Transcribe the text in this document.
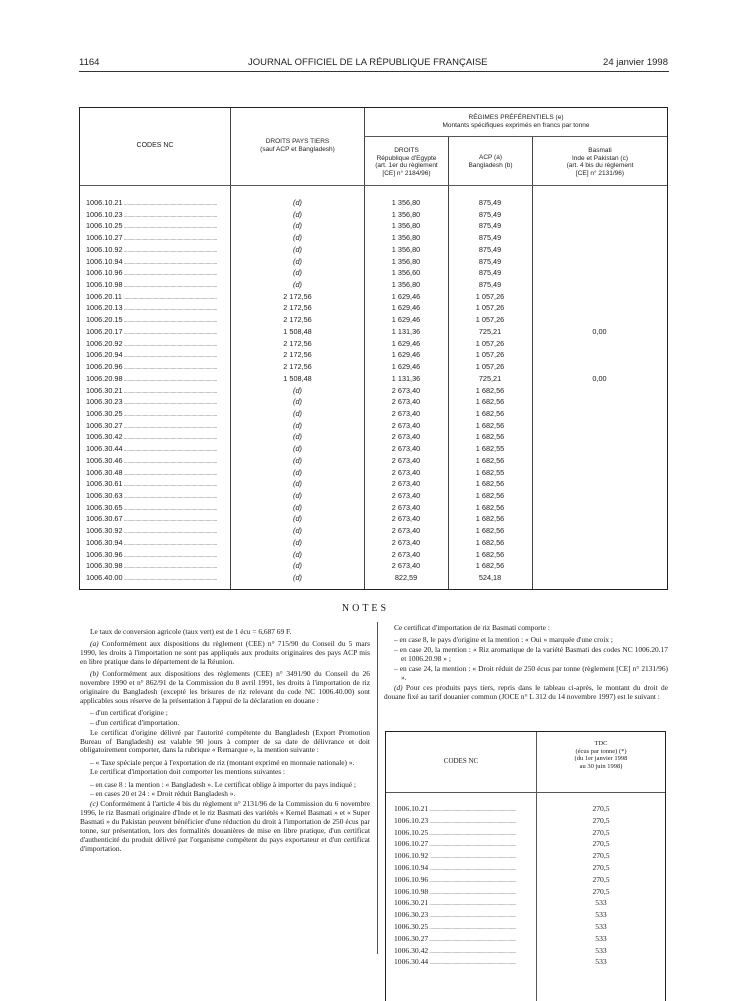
1164	JOURNAL OFFICIEL DE LA RÉPUBLIQUE FRANÇAISE	24 janvier 1998
CODES NC
DROITS PAYS TIERS
(sauf ACP et Bangladesh)
RÉGIMES PRÉFÉRENTIELS (e)
Montants spécifiques exprimés en francs par tonne
DROITS
République d'Egypte
(art. 1er du règlement
[CE] n° 2184/96)
ACP (a)
Bangladesh (b)
Basmati
Inde et Pakistan (c)
(art. 4 bis du règlement
[CE] n° 2131/96)
1006.10.21 .....	(d)	1 356,80	875,49
1006.10.23 .....	(d)	1 356,80	875,49
1006.10.25 .....	(d)	1 356,80	875,49
1006.10.27 .....	(d)	1 356,80	875,49
1006.10.92 .....	(d)	1 356,80	875,49
1006.10.94 .....	(d)	1 356,80	875,49
1006.10.96 .....	(d)	1 356,60	875,49
1006.10.98 .....	(d)	1 356,80	875,49
1006.20.11 .....	2 172,56	1 629,46	1 057,26
1006.20.13 .....	2 172,56	1 629,46	1 057,26
1006.20.15 .....	2 172,56	1 629,46	1 057,26
1006.20.17 .....	1 508,48	1 131,36	725,21	0,00
1006.20.92 .....	2 172,56	1 629,46	1 057,26
1006.20.94 .....	2 172,56	1 629,46	1 057,26
1006.20.96 .....	2 172,56	1 629,46	1 057,26
1006.20.98 .....	1 508,48	1 131,36	725,21	0,00
1006.30.21 .....	(d)	2 673,40	1 682,56
1006.30.23 .....	(d)	2 673,40	1 682,56
1006.30.25 .....	(d)	2 673,40	1 682,56
1006.30.27 .....	(d)	2 673,40	1 682,56
1006.30.42 .....	(d)	2 673,40	1 682,56
1006.30.44 .....	(d)	2 673,40	1 682,55
1006.30.46 .....	(d)	2 673,40	1 682,56
1006.30.48 .....	(d)	2 673,40	1 682,55
1006.30.61 .....	(d)	2 673,40	1 682,56
1006.30.63 .....	(d)	2 673,40	1 682,56
1006.30.65 .....	(d)	2 673,40	1 682,56
1006.30.67 .....	(d)	2 673,40	1 682,56
1006.30.92 .....	(d)	2 673,40	1 682,56
1006.30.94 .....	(d)	2 673,40	1 682,56
1006.30.96 .....	(d)	2 673,40	1 682,56
1006.30.98 .....	(d)	2 673,40	1 682,56
1006.40.00 .....	(d)	822,59	524,18
NOTES

Le taux de conversion agricole (taux vert) est de 1 écu = 6,687 69 F.

(a) Conformément aux dispositions du règlement (CEE) n° 715/90 du Conseil du 5 mars 1990, les droits à l'importation ne sont pas appliqués aux produits originaires des pays ACP mis en libre pratique dans le département de la Réunion.

(b) Conformément aux dispositions des règlements (CEE) n° 3491/90 du Conseil du 26 novembre 1990 et n° 862/91 de la Commission du 8 avril 1991, les droits à l'importation de riz originaire du Bangladesh (excepté les brisures de riz relevant du code NC 1006.40.00) sont applicables sous réserve de la présentation à l'appui de la déclaration en douane :

– d'un certificat d'origine ;

– d'un certificat d'importation.

Le certificat d'origine délivré par l'autorité compétente du Bangladesh (Export Promotion Bureau of Bangladesh) est valable 90 jours à compter de sa date de délivrance et doit obligatoirement comporter, dans la rubrique « Remarque », la mention suivante :

– « Taxe spéciale perçue à l'exportation de riz (montant exprimé en monnaie nationale) ».

Le certificat d'importation doit comporter les mentions suivantes :

– en case 8 : la mention : « Bangladesh ». Le certificat oblige à importer du pays indiqué ;

– en cases 20 et 24 : « Droit réduit Bangladesh ».

(c) Conformément à l'article 4 bis du règlement n° 2131/96 de la Commission du 6 novembre 1996, le riz Basmati originaire d'Inde et le riz Basmati des variétés « Kernel Basmati » et « Super Basmati » du Pakistan peuvent bénéficier d'une réduction du droit à l'importation de 250 écus par tonne, sur présentation, lors des formalités douanières de mise en libre pratique, d'un certificat d'authenticité du produit délivré par l'organisme compétent du pays exportateur et d'un certificat d'importation.

Ce certificat d'importation de riz Basmati comporte :

– en case 8, le pays d'origine et la mention : « Oui » marquée d'une croix ;

– en case 20, la mention : « Riz aromatique de la variété Basmati des codes NC 1006.20.17 et 1006.20.98 » ;

– en case 24, la mention : « Droit réduit de 250 écus par tonne (règlement [CE] n° 2131/96) ».

(d) Pour ces produits pays tiers, repris dans le tableau ci-après, le montant du droit de douane fixé au tarif douanier commun (JOCE n° L 312 du 14 novembre 1997) est le suivant :

CODES NC
TDC
(écus par tonne) (*)
(du 1er janvier 1998
au 30 juin 1998)
1006.10.21 .....	270,5
1006.10.23 .....	270,5
1006.10.25 .....	270,5
1006.10.27 .....	270,5
1006.10.92 .....	270,5
1006.10.94 .....	270,5
1006.10.96 .....	270,5
1006.10.98 .....	270,5
1006.30.21 .....	533
1006.30.23 .....	533
1006.30.25 .....	533
1006.30.27 .....	533
1006.30.42 .....	533
1006.30.44 .....	533
